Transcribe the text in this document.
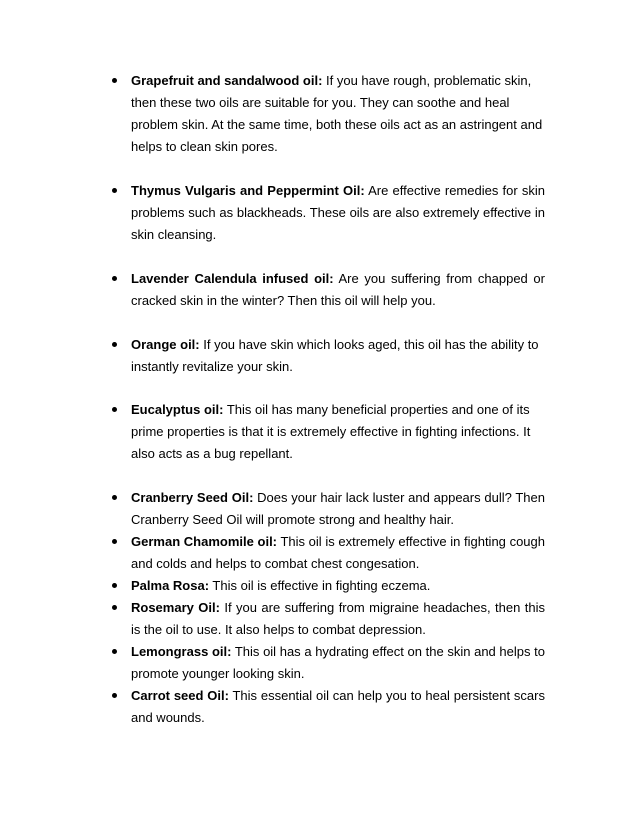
Grapefruit and sandalwood oil: If you have rough, problematic skin, then these two oils are suitable for you. They can soothe and heal problem skin. At the same time, both these oils act as an astringent and helps to clean skin pores.

Thymus Vulgaris and Peppermint Oil: Are effective remedies for skin problems such as blackheads. These oils are also extremely effective in skin cleansing.

Lavender Calendula infused oil: Are you suffering from chapped or cracked skin in the winter? Then this oil will help you.

Orange oil: If you have skin which looks aged, this oil has the ability to instantly revitalize your skin.

Eucalyptus oil: This oil has many beneficial properties and one of its prime properties is that it is extremely effective in fighting infections. It also acts as a bug repellant.

Cranberry Seed Oil: Does your hair lack luster and appears dull? Then Cranberry Seed Oil will promote strong and healthy hair.

German Chamomile oil: This oil is extremely effective in fighting cough and colds and helps to combat chest congesation.

Palma Rosa: This oil is effective in fighting eczema.

Rosemary Oil: If you are suffering from migraine headaches, then this is the oil to use. It also helps to combat depression.

Lemongrass oil: This oil has a hydrating effect on the skin and helps to promote younger looking skin.

Carrot seed Oil: This essential oil can help you to heal persistent scars and wounds.
